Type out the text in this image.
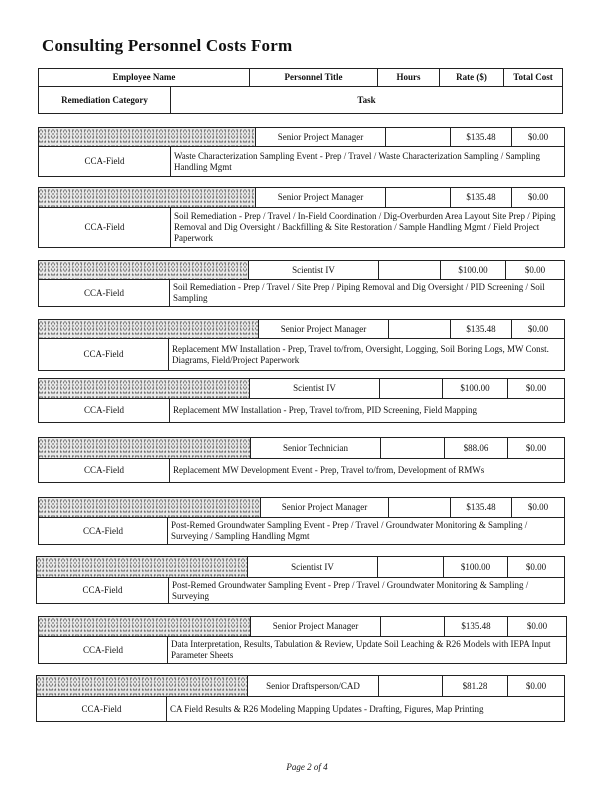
Consulting Personnel Costs Form
Employee Name	Personnel Title	Hours	Rate ($)	Total Cost
Remediation Category	Task
Senior Project Manager	$135.48	$0.00
CCA-Field
Waste Characterization Sampling Event - Prep / Travel / Waste Characterization Sampling / Sampling Handling Mgmt
Senior Project Manager	$135.48	$0.00
CCA-Field
Soil Remediation - Prep / Travel / In-Field Coordination / Dig-Overburden Area Layout Site Prep / Piping Removal and Dig Oversight / Backfilling & Site Restoration / Sample Handling Mgmt / Field Project Paperwork
Scientist IV	$100.00	$0.00
CCA-Field
Soil Remediation - Prep / Travel / Site Prep / Piping Removal and Dig Oversight / PID Screening / Soil Sampling
Senior Project Manager	$135.48	$0.00
CCA-Field
Replacement MW Installation - Prep, Travel to/from, Oversight, Logging, Soil Boring Logs, MW Const. Diagrams, Field/Project Paperwork
Scientist IV	$100.00	$0.00
CCA-Field	Replacement MW Installation - Prep, Travel to/from, PID Screening, Field Mapping
Senior Technician	$88.06	$0.00
CCA-Field	Replacement MW Development Event - Prep, Travel to/from, Development of RMWs
Senior Project Manager	$135.48	$0.00
CCA-Field
Post-Remed Groundwater Sampling Event - Prep / Travel / Groundwater Monitoring & Sampling / Surveying / Sampling Handling Mgmt
Scientist IV	$100.00	$0.00
CCA-Field
Post-Remed Groundwater Sampling Event - Prep / Travel / Groundwater Monitoring & Sampling / Surveying
Senior Project Manager	$135.48	$0.00
CCA-Field
Data Interpretation, Results, Tabulation & Review, Update Soil Leaching & R26 Models with IEPA Input Parameter Sheets
Senior Draftsperson/CAD	$81.28	$0.00
CCA-Field	CA Field Results & R26 Modeling Mapping Updates - Drafting, Figures, Map Printing
Page 2 of 4
